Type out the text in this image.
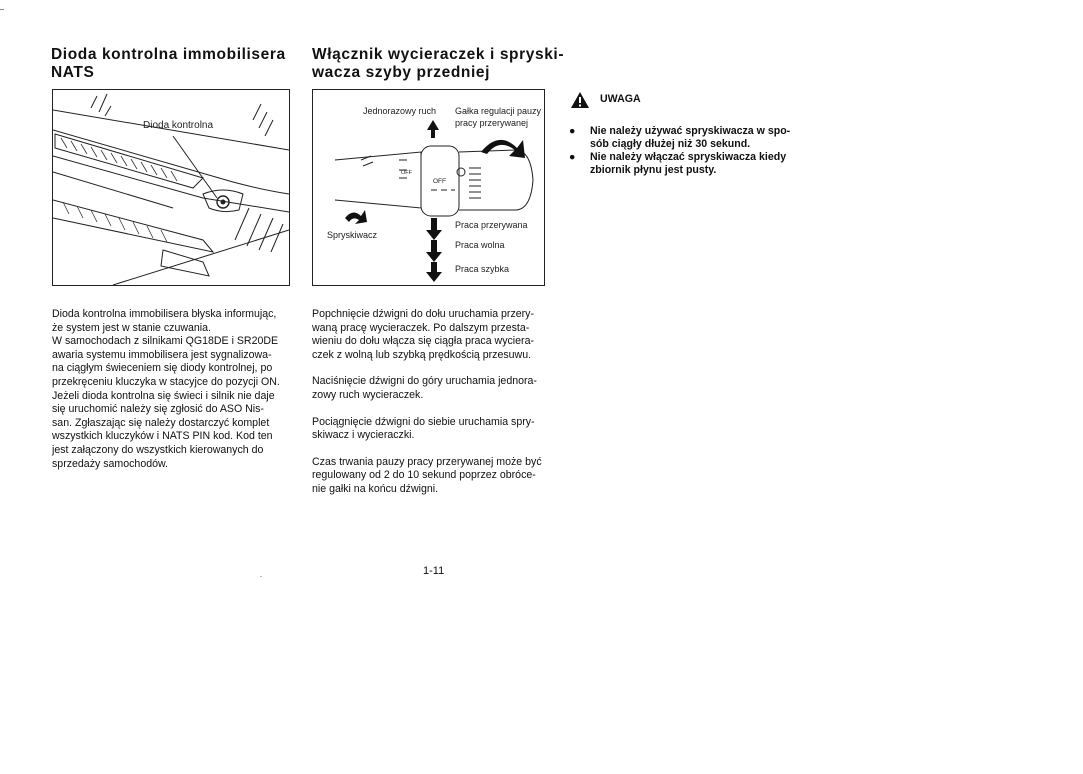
Dioda kontrolna immobilisera

NATS

Dioda kontrolna

Dioda kontrolna immobilisera błyska informując,
że system jest w stanie czuwania.
W samochodach z silnikami QG18DE i SR20DE
awaria systemu immobilisera jest sygnalizowa-
na ciągłym świeceniem się diody kontrolnej, po
przekręceniu kluczyka w stacyjce do pozycji ON.
Jeżeli dioda kontrolna się świeci i silnik nie daje
się uruchomić należy się zgłosić do ASO Nis-
san. Zgłaszając się należy dostarczyć komplet
wszystkich kluczyków i NATS PIN kod. Kod ten
jest załączony do wszystkich kierowanych do
sprzedaży samochodów.

Włącznik wycieraczek i spryski-

wacza szyby przedniej

Jednorazowy ruch Gałka regulacji pauzy
pracy przerywanej
Spryskiwacz
Praca przerywana
Praca wolna
Praca szybka
OFF
OFF

Popchnięcie dźwigni do dołu uruchamia przery-
waną pracę wycieraczek. Po dalszym przesta-
wieniu do dołu włącza się ciągła praca wyciera-
czek z wolną lub szybką prędkością przesuwu.

Naciśnięcie dźwigni do góry uruchamia jednora-
zowy ruch wycieraczek.

Pociągnięcie dźwigni do siebie uruchamia spry-
skiwacz i wycieraczki.

Czas trwania pauzy pracy przerywanej może być
regulowany od 2 do 10 sekund poprzez obróce-
nie gałki na końcu dźwigni.

UWAGA
● Nie należy używać spryskiwacza w spo-
sób ciągły dłużej niż 30 sekund.
● Nie należy włączać spryskiwacza kiedy
zbiornik płynu jest pusty.
1-11
